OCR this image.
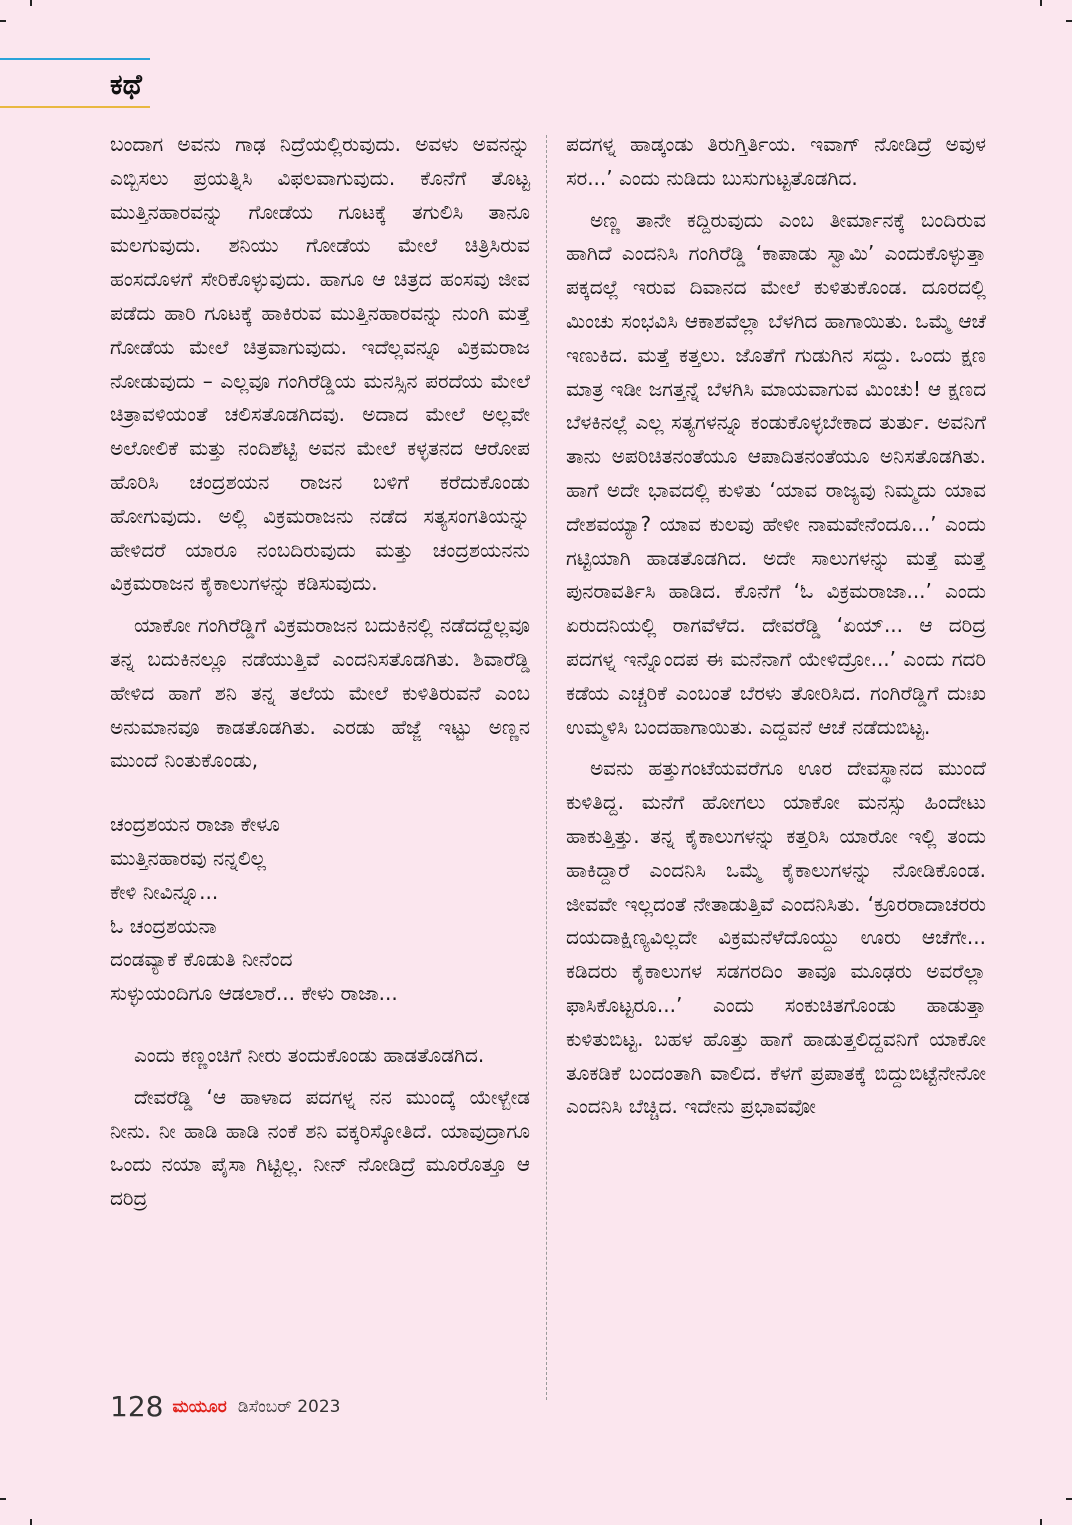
ಕಥೆ

ಬಂದಾಗ ಅವನು ಗಾಢ ನಿದ್ರೆಯಲ್ಲಿರುವುದು. ಅವಳು ಅವನನ್ನು ಎಬ್ಬಿಸಲು ಪ್ರಯತ್ನಿಸಿ ವಿಫಲವಾಗುವುದು. ಕೊನೆಗೆ ತೊಟ್ಟ ಮುತ್ತಿನಹಾರವನ್ನು ಗೋಡೆಯ ಗೂಟಕ್ಕೆ ತಗುಲಿಸಿ ತಾನೂ ಮಲಗುವುದು. ಶನಿಯು ಗೋಡೆಯ ಮೇಲೆ ಚಿತ್ರಿಸಿರುವ ಹಂಸದೊಳಗೆ ಸೇರಿಕೊಳ್ಳುವುದು. ಹಾಗೂ ಆ ಚಿತ್ರದ ಹಂಸವು ಜೀವ ಪಡೆದು ಹಾರಿ ಗೂಟಕ್ಕೆ ಹಾಕಿರುವ ಮುತ್ತಿನಹಾರವನ್ನು ನುಂಗಿ ಮತ್ತೆ ಗೋಡೆಯ ಮೇಲೆ ಚಿತ್ರವಾಗುವುದು. ಇದೆಲ್ಲವನ್ನೂ ವಿಕ್ರಮರಾಜ ನೋಡುವುದು – ಎಲ್ಲವೂ ಗಂಗಿರೆಡ್ಡಿಯ ಮನಸ್ಸಿನ ಪರದೆಯ ಮೇಲೆ ಚಿತ್ರಾವಳಿಯಂತೆ ಚಲಿಸತೊಡಗಿದವು. ಅದಾದ ಮೇಲೆ ಅಲ್ಲವೇ ಅಲೋಲಿಕೆ ಮತ್ತು ನಂದಿಶೆಟ್ಟಿ ಅವನ ಮೇಲೆ ಕಳ್ಳತನದ ಆರೋಪ ಹೊರಿಸಿ ಚಂದ್ರಶಯನ ರಾಜನ ಬಳಿಗೆ ಕರೆದುಕೊಂಡು ಹೋಗುವುದು. ಅಲ್ಲಿ ವಿಕ್ರಮರಾಜನು ನಡೆದ ಸತ್ಯಸಂಗತಿಯನ್ನು ಹೇಳಿದರೆ ಯಾರೂ ನಂಬದಿರುವುದು ಮತ್ತು ಚಂದ್ರಶಯನನು ವಿಕ್ರಮರಾಜನ ಕೈಕಾಲುಗಳನ್ನು ಕಡಿಸುವುದು.

ಯಾಕೋ ಗಂಗಿರೆಡ್ಡಿಗೆ ವಿಕ್ರಮರಾಜನ ಬದುಕಿನಲ್ಲಿ ನಡೆದದ್ದೆಲ್ಲವೂ ತನ್ನ ಬದುಕಿನಲ್ಲೂ ನಡೆಯುತ್ತಿವೆ ಎಂದನಿಸತೊಡಗಿತು. ಶಿವಾರೆಡ್ಡಿ ಹೇಳಿದ ಹಾಗೆ ಶನಿ ತನ್ನ ತಲೆಯ ಮೇಲೆ ಕುಳಿತಿರುವನೆ ಎಂಬ ಅನುಮಾನವೂ ಕಾಡತೊಡಗಿತು. ಎರಡು ಹೆಜ್ಜೆ ಇಟ್ಟು ಅಣ್ಣನ ಮುಂದೆ ನಿಂತುಕೊಂಡು,

ಚಂದ್ರಶಯನ ರಾಜಾ ಕೇಳೂ
ಮುತ್ತಿನಹಾರವು ನನ್ನಲಿಲ್ಲ
ಕೇಳಿ ನೀವಿನ್ನೂ...
ಓ ಚಂದ್ರಶಯನಾ
ದಂಡವ್ಯಾಕೆ ಕೊಡುತಿ ನೀನೆಂದ
ಸುಳ್ಳುಯಂದಿಗೂ ಆಡಲಾರೆ... ಕೇಳು ರಾಜಾ...

ಎಂದು ಕಣ್ಣಂಚಿಗೆ ನೀರು ತಂದುಕೊಂಡು ಹಾಡತೊಡಗಿದ.

ದೇವರೆಡ್ಡಿ ‘ಆ ಹಾಳಾದ ಪದಗಳ್ನ ನನ ಮುಂದ್ಕೆ ಯೇಳ್ಬೇಡ ನೀನು. ನೀ ಹಾಡಿ ಹಾಡಿ ನಂಕೆ ಶನಿ ವಕ್ಕರಿಸ್ಕೋತಿದೆ. ಯಾವುದ್ರಾಗೂ ಒಂದು ನಯಾ ಪೈಸಾ ಗಿಟ್ಟಿಲ್ಲ. ನೀನ್ ನೋಡಿದ್ರೆ ಮೂರೊತ್ತೂ ಆ ದರಿದ್ರ

ಪದಗಳ್ನ ಹಾಡ್ಕಂಡು ತಿರುಗ್ತಿರ್ತಿಯ. ಇವಾಗ್ ನೋಡಿದ್ರೆ ಅವುಳ ಸರ...’ ಎಂದು ನುಡಿದು ಬುಸುಗುಟ್ಟತೊಡಗಿದ.

ಅಣ್ಣ ತಾನೇ ಕದ್ದಿರುವುದು ಎಂಬ ತೀರ್ಮಾನಕ್ಕೆ ಬಂದಿರುವ ಹಾಗಿದೆ ಎಂದನಿಸಿ ಗಂಗಿರೆಡ್ಡಿ ‘ಕಾಪಾಡು ಸ್ವಾಮಿ’ ಎಂದುಕೊಳ್ಳುತ್ತಾ ಪಕ್ಕದಲ್ಲೆ ಇರುವ ದಿವಾನದ ಮೇಲೆ ಕುಳಿತುಕೊಂಡ. ದೂರದಲ್ಲಿ ಮಿಂಚು ಸಂಭವಿಸಿ ಆಕಾಶವೆಲ್ಲಾ ಬೆಳಗಿದ ಹಾಗಾಯಿತು. ಒಮ್ಮೆ ಆಚೆ ಇಣುಕಿದ. ಮತ್ತೆ ಕತ್ತಲು. ಜೊತೆಗೆ ಗುಡುಗಿನ ಸದ್ದು. ಒಂದು ಕ್ಷಣ ಮಾತ್ರ ಇಡೀ ಜಗತ್ತನ್ನೆ ಬೆಳಗಿಸಿ ಮಾಯವಾಗುವ ಮಿಂಚು! ಆ ಕ್ಷಣದ ಬೆಳಕಿನಲ್ಲೆ ಎಲ್ಲ ಸತ್ಯಗಳನ್ನೂ ಕಂಡುಕೊಳ್ಳಬೇಕಾದ ತುರ್ತು. ಅವನಿಗೆ ತಾನು ಅಪರಿಚಿತನಂತೆಯೂ ಆಪಾದಿತನಂತೆಯೂ ಅನಿಸತೊಡಗಿತು. ಹಾಗೆ ಅದೇ ಭಾವದಲ್ಲಿ ಕುಳಿತು ‘ಯಾವ ರಾಜ್ಯವು ನಿಮ್ಮದು ಯಾವ ದೇಶವಯ್ಯಾ? ಯಾವ ಕುಲವು ಹೇಳೀ ನಾಮವೇನೆಂದೂ...’ ಎಂದು ಗಟ್ಟಿಯಾಗಿ ಹಾಡತೊಡಗಿದ. ಅದೇ ಸಾಲುಗಳನ್ನು ಮತ್ತೆ ಮತ್ತೆ ಪುನರಾವರ್ತಿಸಿ ಹಾಡಿದ. ಕೊನೆಗೆ ‘ಓ ವಿಕ್ರಮರಾಜಾ...’ ಎಂದು ಏರುದನಿಯಲ್ಲಿ ರಾಗವೆಳೆದ. ದೇವರೆಡ್ಡಿ ‘ಏಯ್... ಆ ದರಿದ್ರ ಪದಗಳ್ನ ಇನ್ನೊಂದಪ ಈ ಮನೆನಾಗೆ ಯೇಳಿದ್ರೋ...’ ಎಂದು ಗದರಿ ಕಡೆಯ ಎಚ್ಚರಿಕೆ ಎಂಬಂತೆ ಬೆರಳು ತೋರಿಸಿದ. ಗಂಗಿರೆಡ್ಡಿಗೆ ದುಃಖ ಉಮ್ಮಳಿಸಿ ಬಂದಹಾಗಾಯಿತು. ಎದ್ದವನೆ ಆಚೆ ನಡೆದುಬಿಟ್ಟ.

ಅವನು ಹತ್ತುಗಂಟೆಯವರೆಗೂ ಊರ ದೇವಸ್ಥಾನದ ಮುಂದೆ ಕುಳಿತಿದ್ದ. ಮನೆಗೆ ಹೋಗಲು ಯಾಕೋ ಮನಸ್ಸು ಹಿಂದೇಟು ಹಾಕುತ್ತಿತ್ತು. ತನ್ನ ಕೈಕಾಲುಗಳನ್ನು ಕತ್ತರಿಸಿ ಯಾರೋ ಇಲ್ಲಿ ತಂದು ಹಾಕಿದ್ದಾರೆ ಎಂದನಿಸಿ ಒಮ್ಮೆ ಕೈಕಾಲುಗಳನ್ನು ನೋಡಿಕೊಂಡ. ಜೀವವೇ ಇಲ್ಲದಂತೆ ನೇತಾಡುತ್ತಿವೆ ಎಂದನಿಸಿತು. ‘ಕ್ರೂರರಾದಾಚರರು ದಯದಾಕ್ಷಿಣ್ಯವಿಲ್ಲದೇ ವಿಕ್ರಮನೆಳೆದೊಯ್ದು ಊರು ಆಚೆಗೇ... ಕಡಿದರು ಕೈಕಾಲುಗಳ ಸಡಗರದಿಂ ತಾವೂ ಮೂಢರು ಅವರೆಲ್ಲಾ ಫಾಸಿಕೊಟ್ಟರೂ...’ ಎಂದು ಸಂಕುಚಿತಗೊಂಡು ಹಾಡುತ್ತಾ ಕುಳಿತುಬಿಟ್ಟ. ಬಹಳ ಹೊತ್ತು ಹಾಗೆ ಹಾಡುತ್ತಲಿದ್ದವನಿಗೆ ಯಾಕೋ ತೂಕಡಿಕೆ ಬಂದಂತಾಗಿ ವಾಲಿದ. ಕೆಳಗೆ ಪ್ರಪಾತಕ್ಕೆ ಬಿದ್ದುಬಿಟ್ಟೆನೇನೋ ಎಂದನಿಸಿ ಬೆಚ್ಚಿದ. ಇದೇನು ಪ್ರಭಾವವೋ

128 ಮಯೂರ ಡಿಸೆಂಬರ್ 2023
